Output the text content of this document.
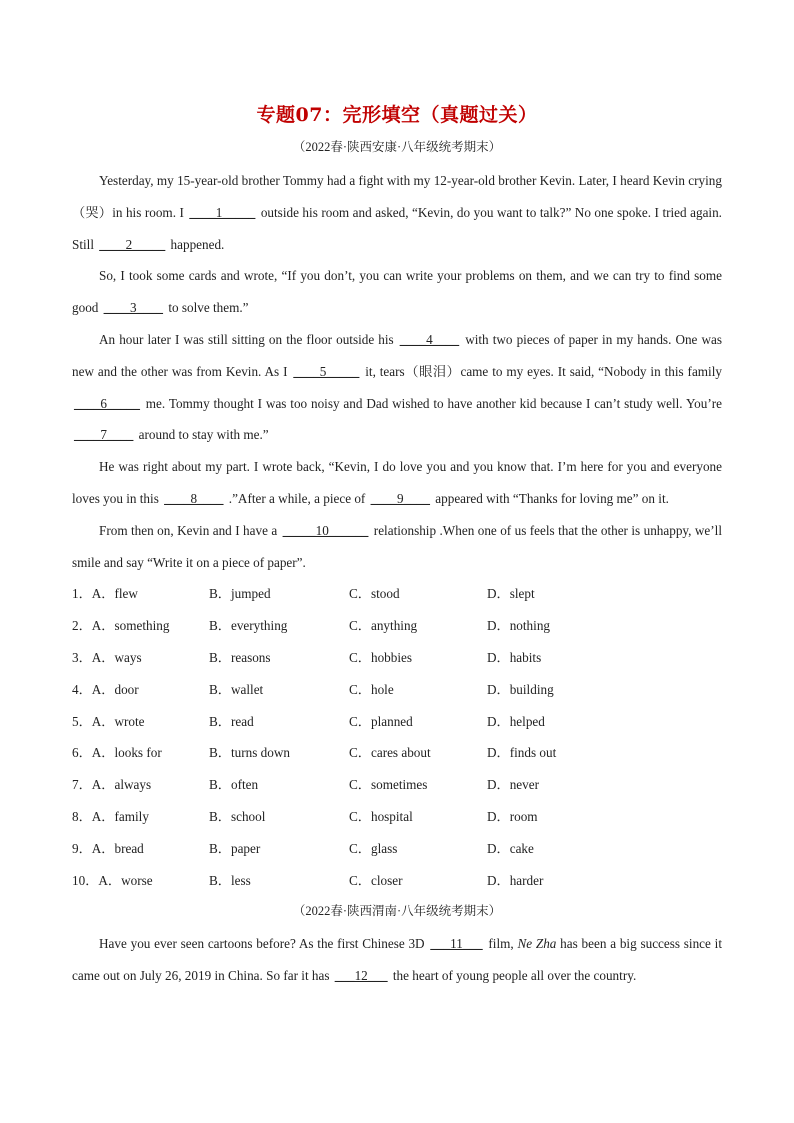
专题07：完形填空（真题过关）

（2022春·陕西安康·八年级统考期末）

Yesterday, my 15-year-old brother Tommy had a fight with my 12-year-old brother Kevin. Later, I heard Kevin crying（哭）in his room. I ____1_____ outside his room and asked, “Kevin, do you want to talk?” No one spoke. I tried again. Still ____2_____ happened.

So, I took some cards and wrote, “If you don’t, you can write your problems on them, and we can try to find some good ____3____ to solve them.”

An hour later I was still sitting on the floor outside his ____4____ with two pieces of paper in my hands. One was new and the other was from Kevin. As I ____5_____ it, tears（眼泪）came to my eyes. It said, “Nobody in this family ____6_____ me. Tommy thought I was too noisy and Dad wished to have another kid because I can’t study well. You’re ____7____ around to stay with me.”

He was right about my part. I wrote back, “Kevin, I do love you and you know that. I’m here for you and everyone loves you in this ____8____ .”After a while, a piece of ____9____ appeared with “Thanks for loving me” on it.

From then on, Kevin and I have a _____10______ relationship .When one of us feels that the other is unhappy, we’ll smile and say “Write it on a piece of paper”.

1．A．flew	B．jumped	C．stood	D．slept
2．A．something	B．everything	C．anything	D．nothing
3．A．ways	B．reasons	C．hobbies	D．habits
4．A．door	B．wallet	C．hole	D．building
5．A．wrote	B．read	C．planned	D．helped
6．A．looks for	B．turns down	C．cares about	D．finds out
7．A．always	B．often	C．sometimes	D．never
8．A．family	B．school	C．hospital	D．room
9．A．bread	B．paper	C．glass	D．cake
10．A．worse	B．less	C．closer	D．harder

（2022春·陕西渭南·八年级统考期末）

Have you ever seen cartoons before? As the first Chinese 3D ___11___ film, Ne Zha has been a big success since it came out on July 26, 2019 in China. So far it has ___12___ the heart of young people all over the country.
